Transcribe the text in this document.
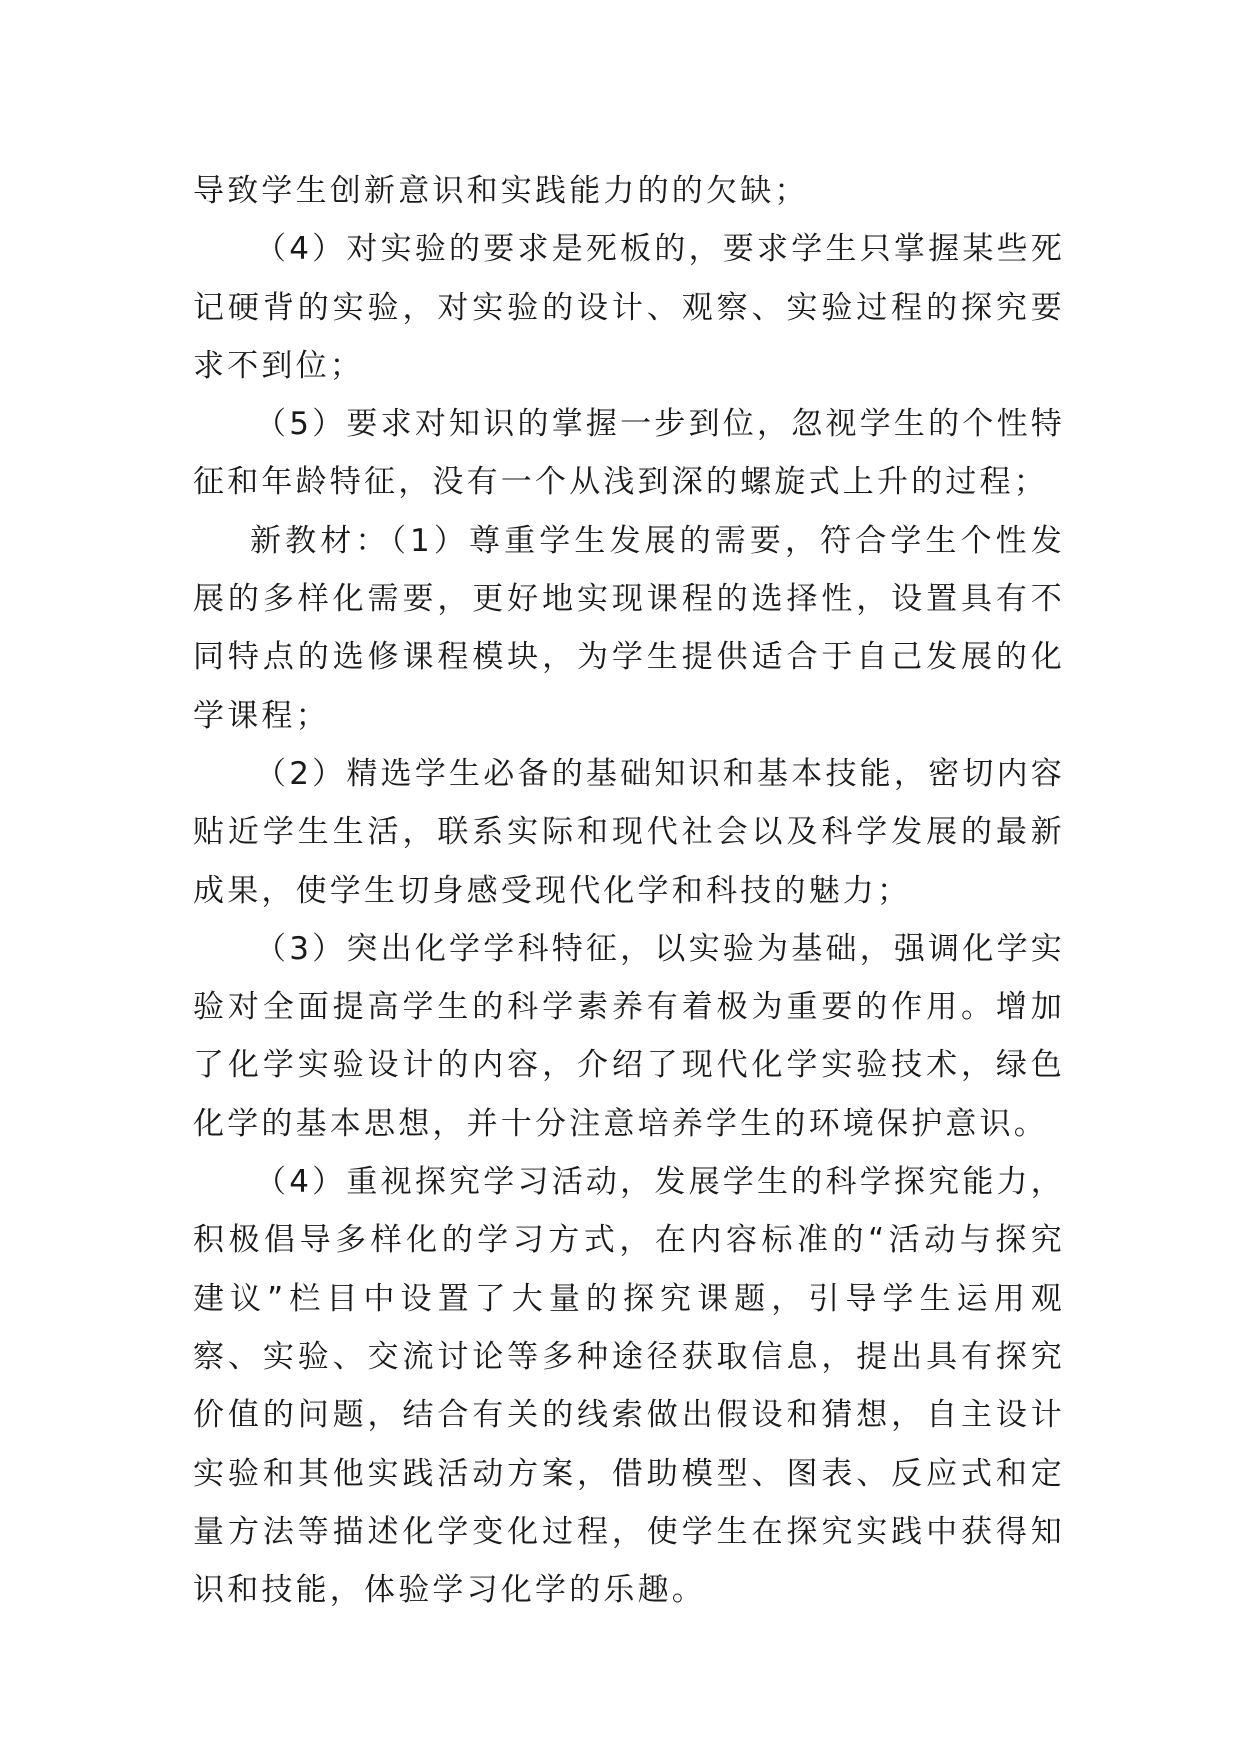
导致学生创新意识和实践能力的的欠缺；

（4）对实验的要求是死板的，要求学生只掌握某些死记硬背的实验，对实验的设计、观察、实验过程的探究要求不到位；

（5）要求对知识的掌握一步到位，忽视学生的个性特征和年龄特征，没有一个从浅到深的螺旋式上升的过程；

新教材：（1）尊重学生发展的需要，符合学生个性发展的多样化需要，更好地实现课程的选择性，设置具有不同特点的选修课程模块，为学生提供适合于自己发展的化学课程；

（2）精选学生必备的基础知识和基本技能，密切内容贴近学生生活，联系实际和现代社会以及科学发展的最新成果，使学生切身感受现代化学和科技的魅力；

（3）突出化学学科特征，以实验为基础，强调化学实验对全面提高学生的科学素养有着极为重要的作用。增加了化学实验设计的内容，介绍了现代化学实验技术，绿色化学的基本思想，并十分注意培养学生的环境保护意识。

（4）重视探究学习活动，发展学生的科学探究能力，积极倡导多样化的学习方式，在内容标准的“活动与探究建议”栏目中设置了大量的探究课题，引导学生运用观察、实验、交流讨论等多种途径获取信息，提出具有探究价值的问题，结合有关的线索做出假设和猜想，自主设计实验和其他实践活动方案，借助模型、图表、反应式和定量方法等描述化学变化过程，使学生在探究实践中获得知识和技能，体验学习化学的乐趣。
